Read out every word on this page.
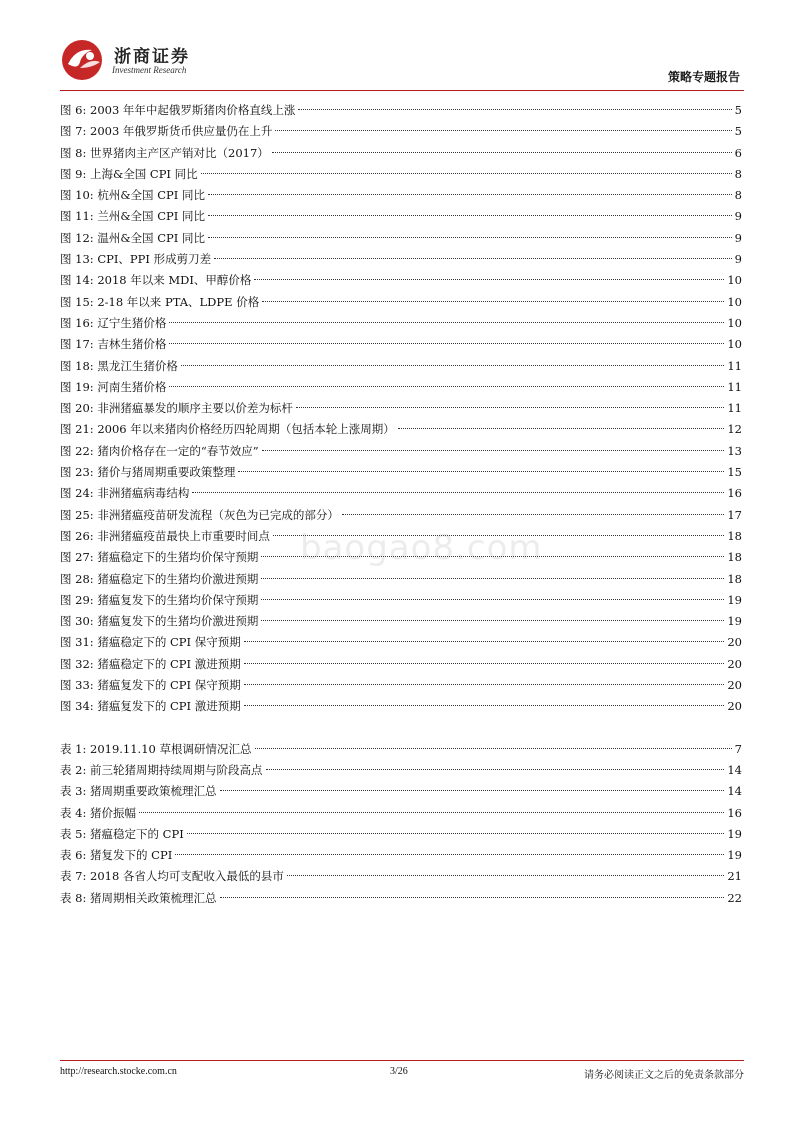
浙商证券
Investment Research	策略专题报告
图 6: 2003 年年中起俄罗斯猪肉价格直线上涨	5
图 7: 2003 年俄罗斯货币供应量仍在上升	5
图 8: 世界猪肉主产区产销对比（2017）	6
图 9: 上海&全国 CPI 同比	8
图 10: 杭州&全国 CPI 同比	8
图 11: 兰州&全国 CPI 同比	9
图 12: 温州&全国 CPI 同比	9
图 13: CPI、PPI 形成剪刀差	9
图 14: 2018 年以来 MDI、甲醇价格	10
图 15: 2-18 年以来 PTA、LDPE 价格	10
图 16: 辽宁生猪价格	10
图 17: 吉林生猪价格	10
图 18: 黑龙江生猪价格	11
图 19: 河南生猪价格	11
图 20: 非洲猪瘟暴发的顺序主要以价差为标杆	11
图 21: 2006 年以来猪肉价格经历四轮周期（包括本轮上涨周期）	12
图 22: 猪肉价格存在一定的“春节效应”	13
图 23: 猪价与猪周期重要政策整理	15
图 24: 非洲猪瘟病毒结构	16
图 25: 非洲猪瘟疫苗研发流程（灰色为已完成的部分）	17
图 26: 非洲猪瘟疫苗最快上市重要时间点	18
图 27: 猪瘟稳定下的生猪均价保守预期	18
图 28: 猪瘟稳定下的生猪均价激进预期	18
图 29: 猪瘟复发下的生猪均价保守预期	19
图 30: 猪瘟复发下的生猪均价激进预期	19
图 31: 猪瘟稳定下的 CPI 保守预期	20
图 32: 猪瘟稳定下的 CPI 激进预期	20
图 33: 猪瘟复发下的 CPI 保守预期	20
图 34: 猪瘟复发下的 CPI 激进预期	20
表 1: 2019.11.10 草根调研情况汇总	7
表 2: 前三轮猪周期持续周期与阶段高点	14
表 3: 猪周期重要政策梳理汇总	14
表 4: 猪价振幅	16
表 5: 猪瘟稳定下的 CPI	19
表 6: 猪复发下的 CPI	19
表 7: 2018 各省人均可支配收入最低的县市	21
表 8: 猪周期相关政策梳理汇总	22
baogao8.com
http://research.stocke.com.cn	3/26	请务必阅读正文之后的免责条款部分
